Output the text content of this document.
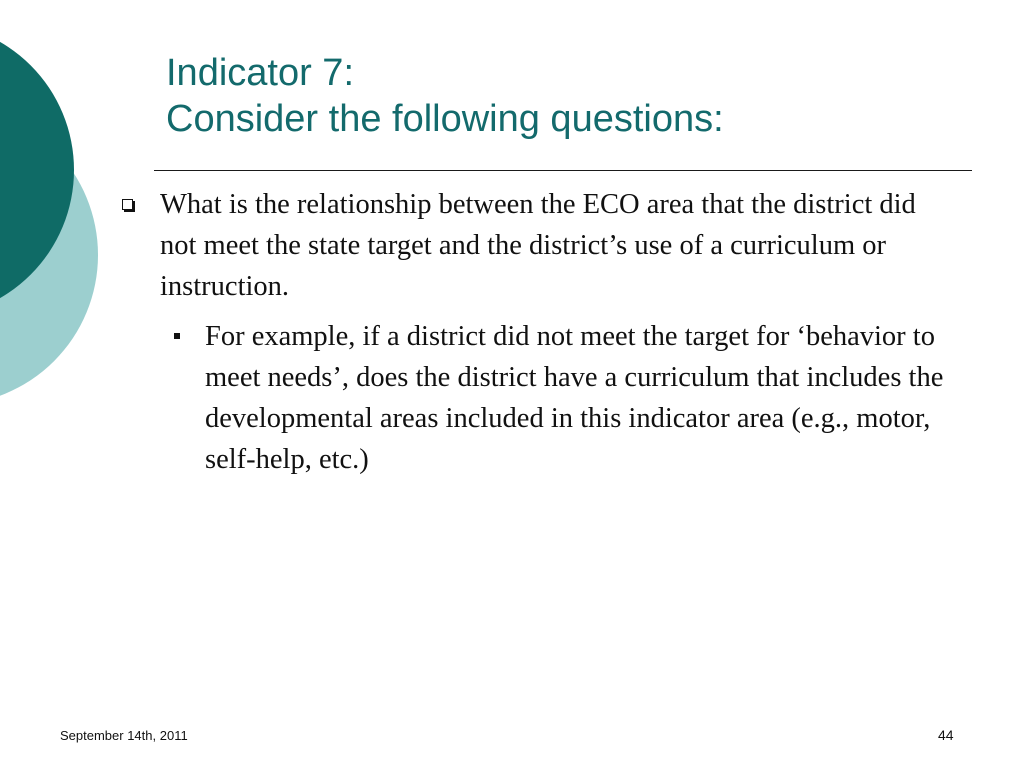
Indicator 7:
Consider the following questions:
What is the relationship between the ECO area that the district did not meet the state target and the district’s use of a curriculum or instruction.
For example, if a district did not meet the target for ‘behavior to meet needs’, does the district have a curriculum that includes the developmental areas included in this indicator area (e.g., motor, self-help, etc.)
September 14th, 2011	44
